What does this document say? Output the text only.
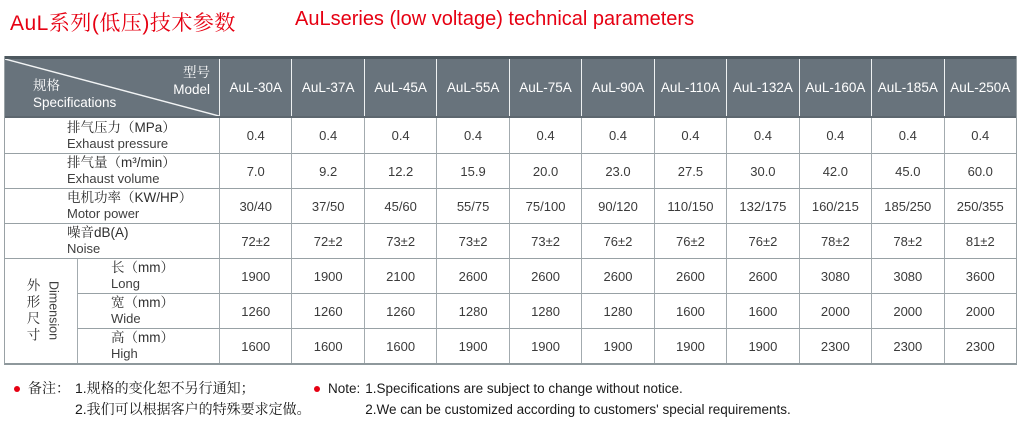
AuL系列(低压)技术参数	AuLseries (low voltage) technical parameters
型号
Model
规格
Specifications
AuL-30A	AuL-37A	AuL-45A	AuL-55A	AuL-75A	AuL-90A	AuL-110A AuL-132A AuL-160A AuL-185A AuL-250A
排气压力（MPa）
Exhaust pressure	0.4	0.4	0.4	0.4	0.4	0.4	0.4	0.4	0.4	0.4	0.4
排气量（m³/min）
Exhaust volume	7.0	9.2	12.2	15.9	20.0	23.0	27.5	30.0	42.0	45.0	60.0
电机功率（KW/HP）
Motor power	30/40	37/50	45/60	55/75	75/100	90/120	110/150	132/175	160/215	185/250	250/355
噪音dB(A)
Noise	72±2	72±2	73±2	73±2	73±2	76±2	76±2	76±2	78±2	78±2	81±2
外形尺寸 Dimension
长（mm）
Long	1900	1900	2100	2600	2600	2600	2600	2600	3080	3080	3600
宽（mm）
Wide	1260	1260	1260	1280	1280	1280	1600	1600	2000	2000	2000
高（mm）
High	1600	1600	1600	1900	1900	1900	1900	1900	2300	2300	2300
备注： 1.规格的变化恕不另行通知；
2.我们可以根据客户的特殊要求定做。
Note: 1.Specifications are subject to change without notice.
2.We can be customized according to customers' special requirements.
